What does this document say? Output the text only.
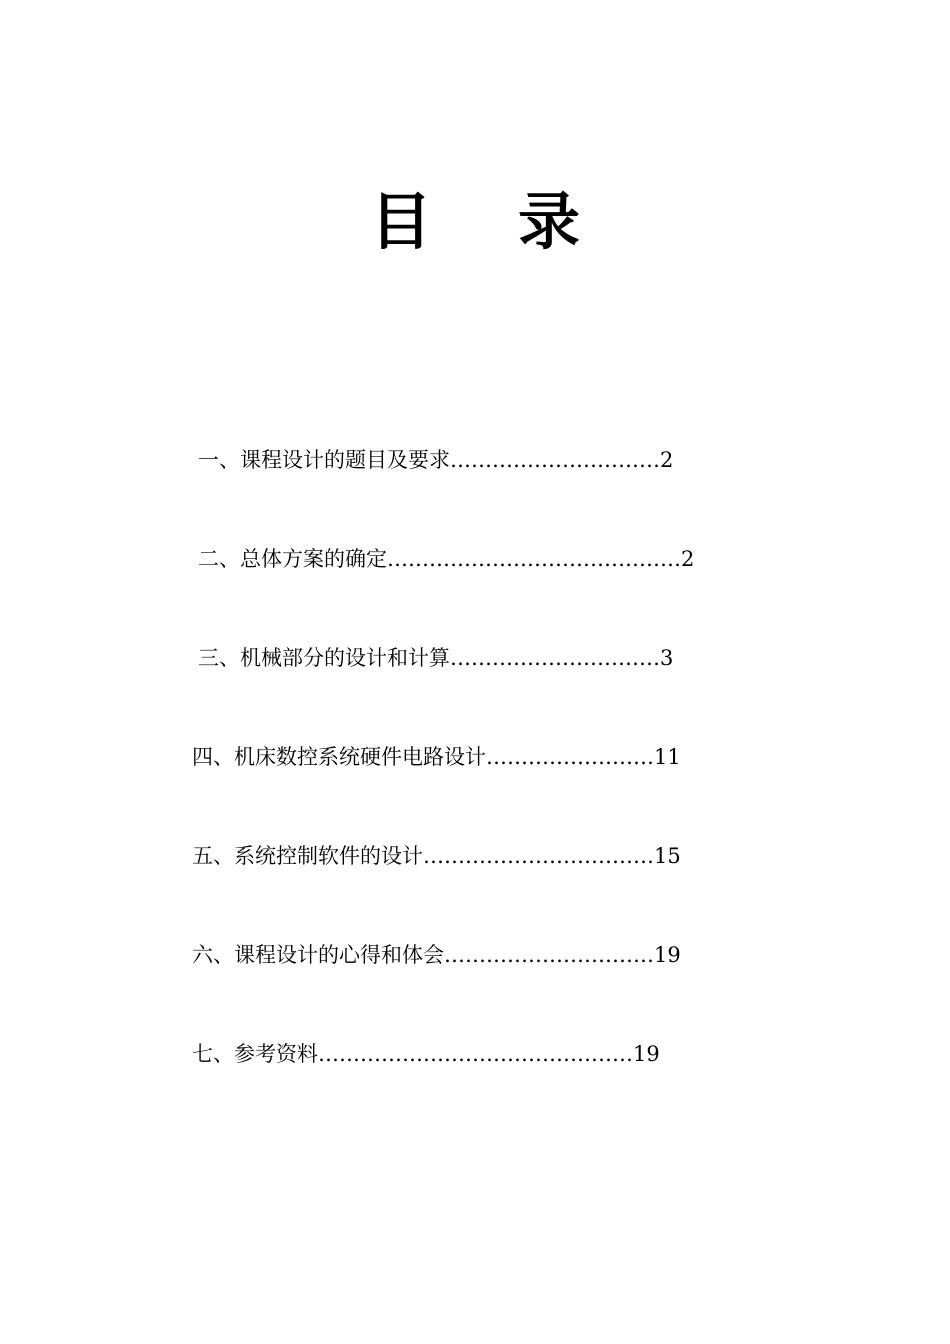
目录
一、课程设计的题目及要求…………………………2
二、总体方案的确定……………………………………2
三、机械部分的设计和计算…………………………3
四、机床数控系统硬件电路设计……………………11
五、系统控制软件的设计……………………………15
六、课程设计的心得和体会…………………………19
七、参考资料………………………………………19
